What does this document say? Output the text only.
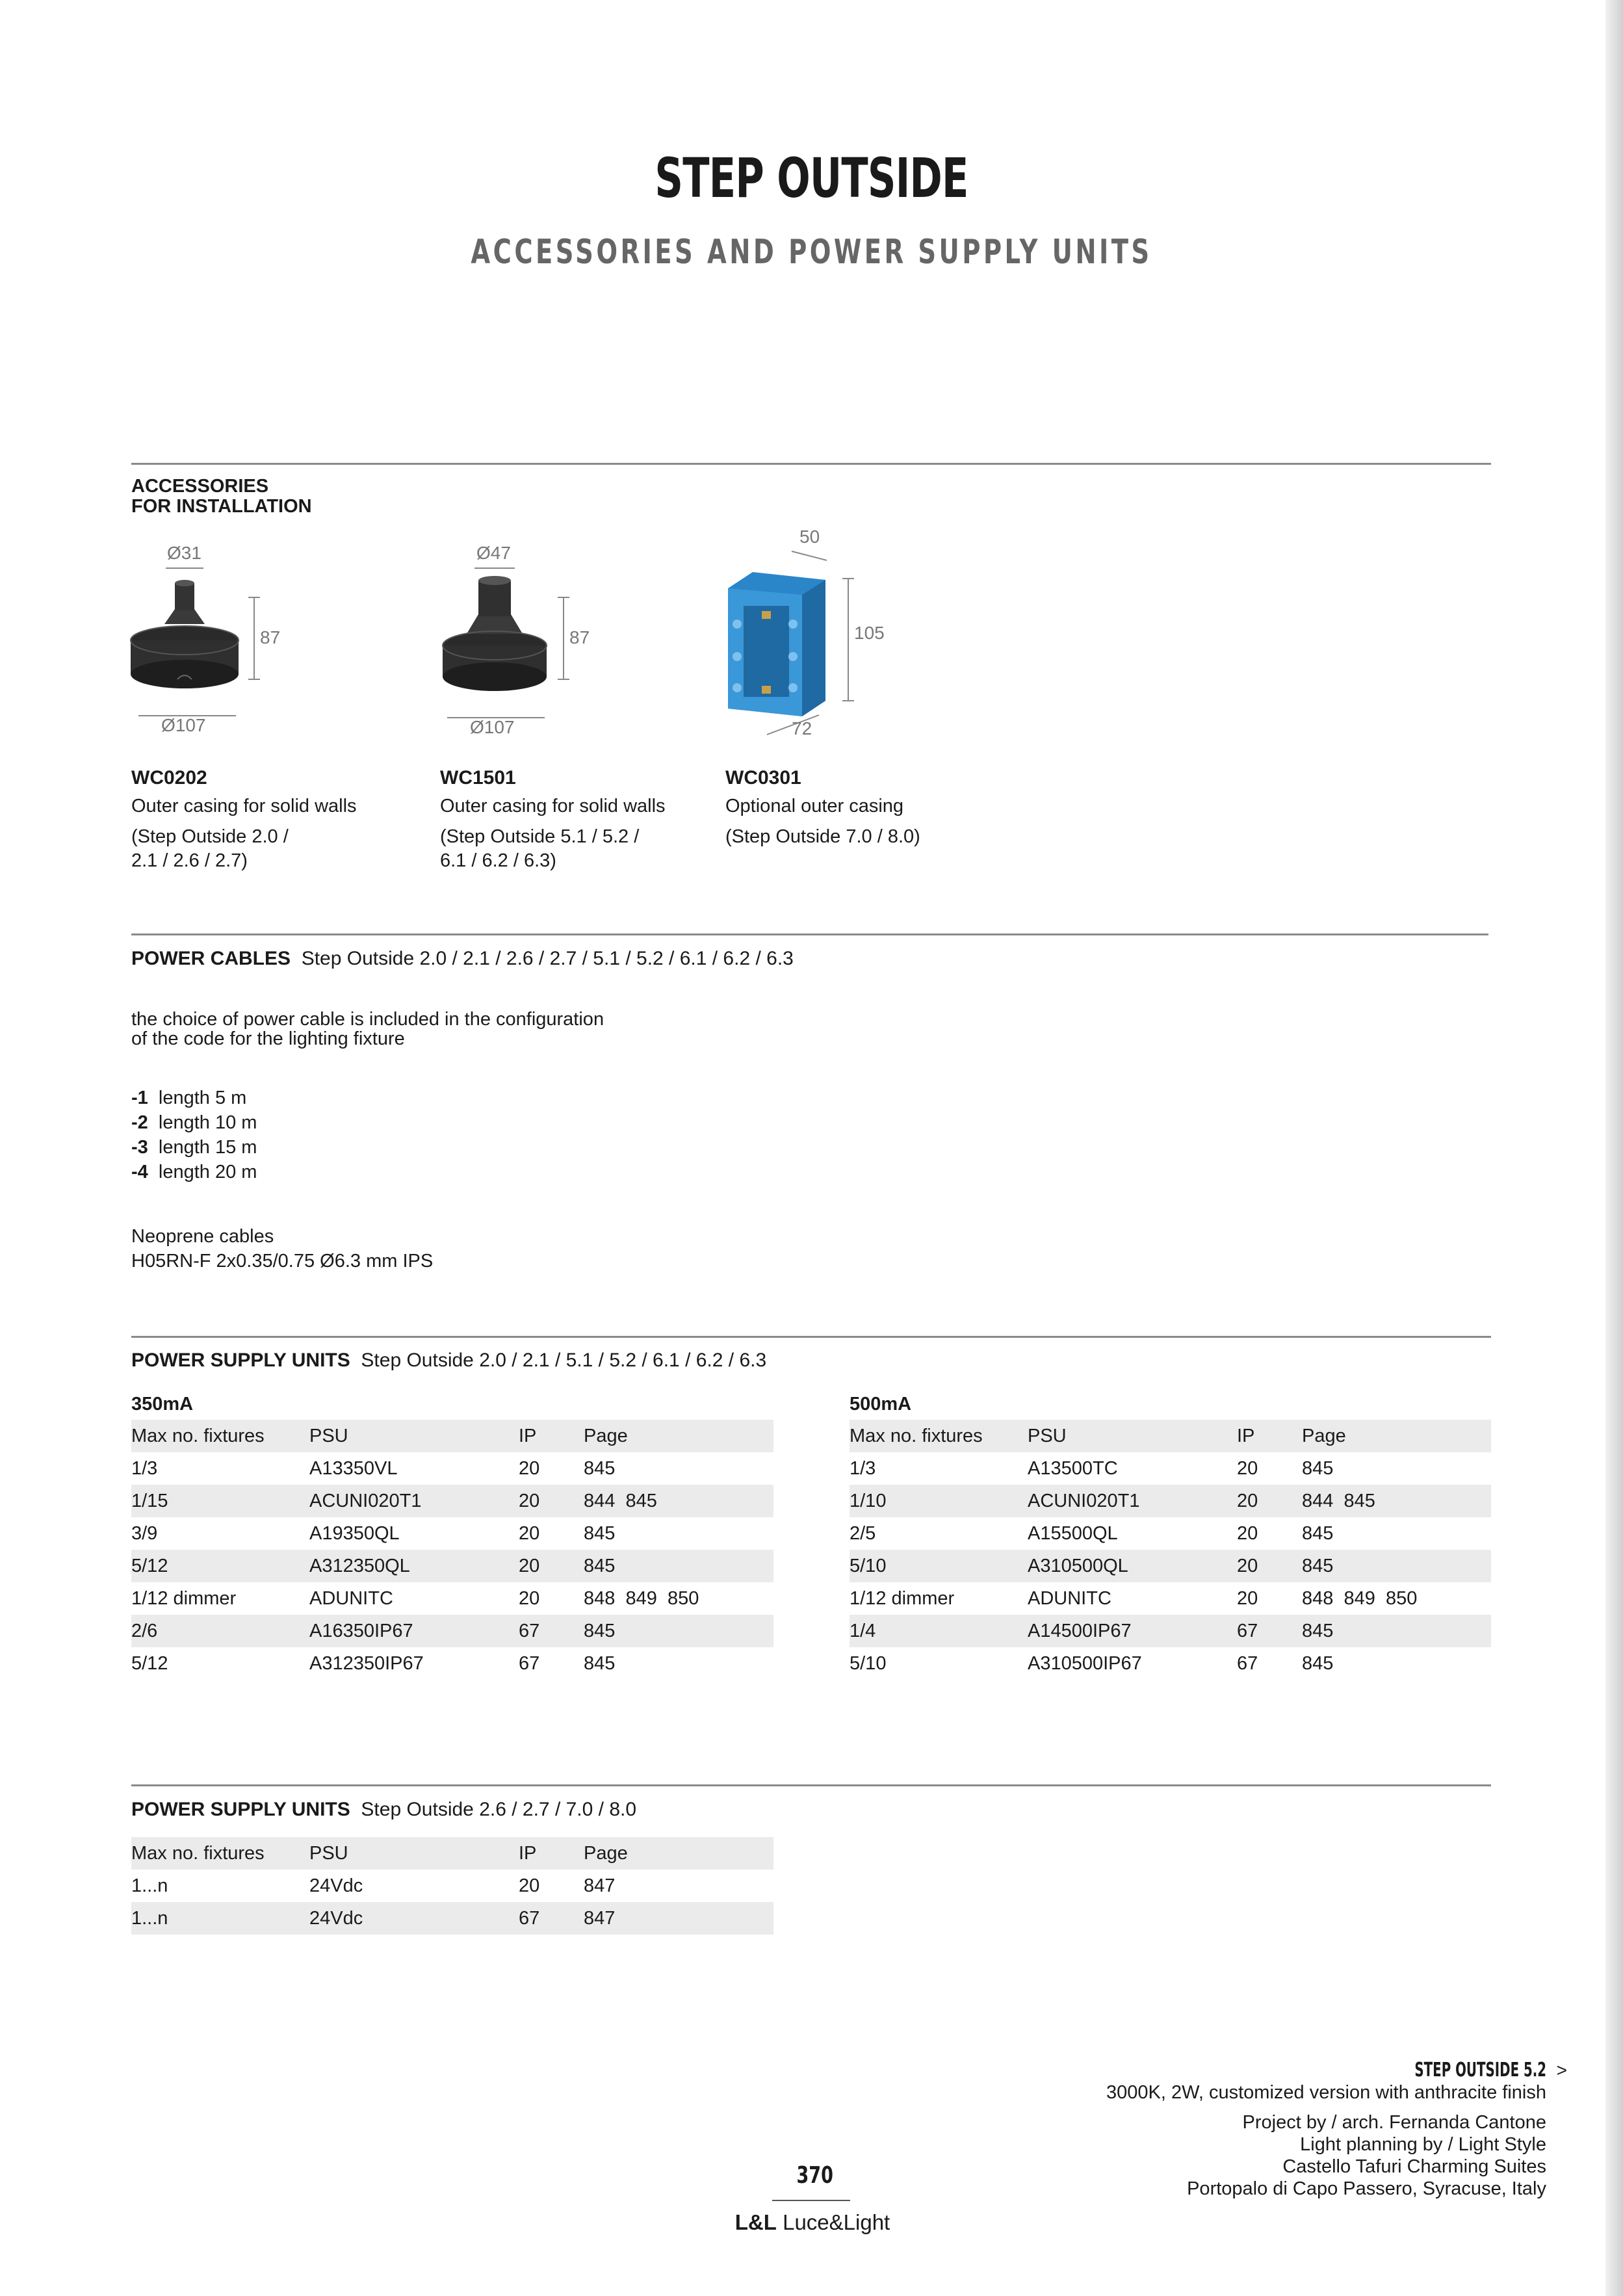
STEP OUTSIDE
ACCESSORIES AND POWER SUPPLY UNITS
ACCESSORIES
FOR INSTALLATION
Ø31
87
Ø107
Ø47
87
Ø107
50
105
72
WC0202
Outer casing for solid walls
(Step Outside 2.0 /
2.1 / 2.6 / 2.7)
WC1501
Outer casing for solid walls
(Step Outside 5.1 / 5.2 /
6.1 / 6.2 / 6.3)
WC0301
Optional outer casing
(Step Outside 7.0 / 8.0)
POWER CABLES Step Outside 2.0 / 2.1 / 2.6 / 2.7 / 5.1 / 5.2 / 6.1 / 6.2 / 6.3
the choice of power cable is included in the configuration
of the code for the lighting fixture
-1 length 5 m
-2 length 10 m
-3 length 15 m
-4 length 20 m
Neoprene cables
H05RN-F 2x0.35/0.75 Ø6.3 mm IPS
POWER SUPPLY UNITS Step Outside 2.0 / 2.1 / 5.1 / 5.2 / 6.1 / 6.2 / 6.3
350mA
Max no. fixtures	PSU	IP	Page
1/3	A13350VL	20	845
1/15	ACUNI020T1	20	844  845
3/9	A19350QL	20	845
5/12	A312350QL	20	845
1/12 dimmer	ADUNITC	20	848  849  850
2/6	A16350IP67	67	845
5/12	A312350IP67	67	845
500mA
Max no. fixtures	PSU	IP	Page
1/3	A13500TC	20	845
1/10	ACUNI020T1	20	844  845
2/5	A15500QL	20	845
5/10	A310500QL	20	845
1/12 dimmer	ADUNITC	20	848  849  850
1/4	A14500IP67	67	845
5/10	A310500IP67	67	845
POWER SUPPLY UNITS Step Outside 2.6 / 2.7 / 7.0 / 8.0
Max no. fixtures	PSU	IP	Page
1...n	24Vdc	20	847
1...n	24Vdc	67	847
STEP OUTSIDE 5.2 >
3000K, 2W, customized version with anthracite finish
Project by / arch. Fernanda Cantone
Light planning by / Light Style
Castello Tafuri Charming Suites
Portopalo di Capo Passero, Syracuse, Italy
370
L&L Luce&Light
